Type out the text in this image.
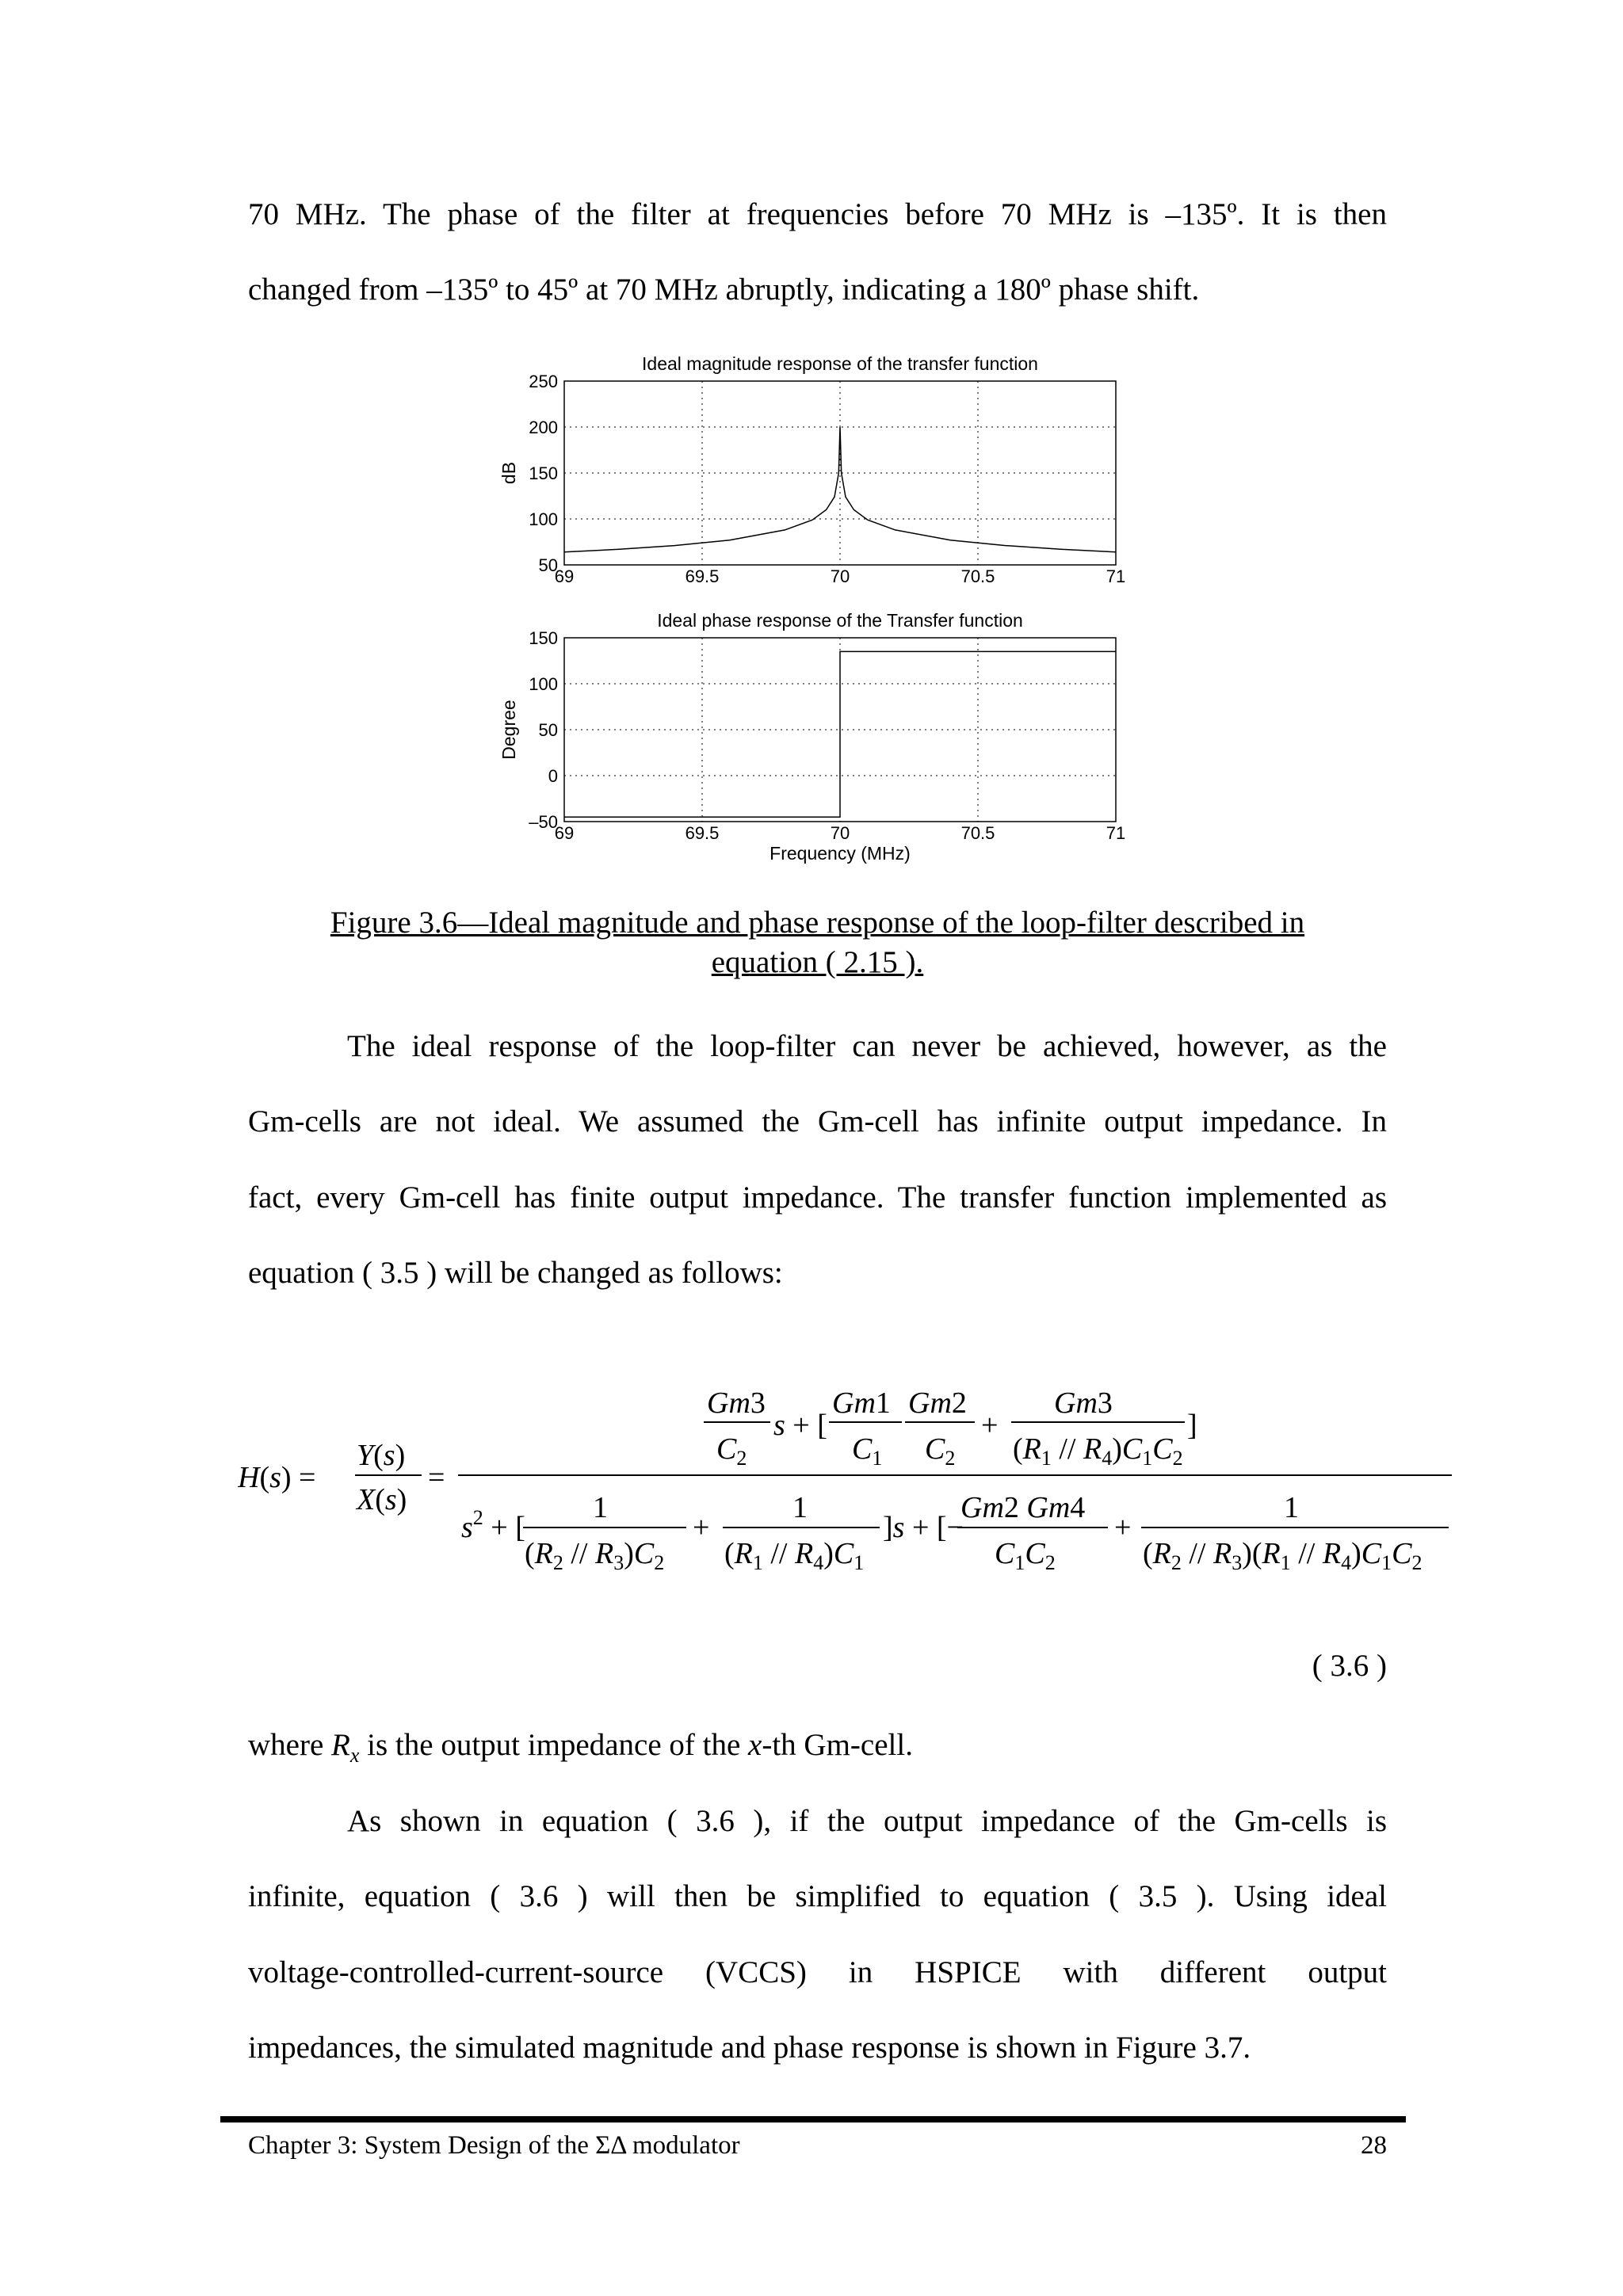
70 MHz. The phase of the filter at frequencies before 70 MHz is –135º. It is then

changed from –135º to 45º at 70 MHz abruptly, indicating a 180º phase shift.

Ideal magnitude response of the transfer function
69	69.5	70	70.5	71
50
100
150
200
250
dB
Ideal phase response of the Transfer function
69	69.5	70	70.5	71
–50
0
50
100
150
Degree
Frequency (MHz)
Figure 3.6—Ideal magnitude and phase response of the loop-filter described in
equation ( 2.15 ).

The ideal response of the loop-filter can never be achieved, however, as the

Gm-cells are not ideal. We assumed the Gm-cell has infinite output impedance. In

fact, every Gm-cell has finite output impedance. The transfer function implemented as

equation ( 3.5 ) will be changed as follows:

H(s) =
Y(s)
X(s)
=
Gm3
$C_2$
s + [
Gm1
$C_1$
Gm2
$C_2$
+
Gm3
$(R_1 // R_4)C_1C_2$
]
$s^2$ + [
1
$(R_2 // R_3)C_2$
+
1
$(R_1 // R_4)C_1$
]s + [−
Gm2 Gm4
$C_1C_2$
+
1
$(R_2 // R_3)(R_1 // R_4)C_1C_2$
( 3.6 )

where $R_x$ is the output impedance of the x-th Gm-cell.

As shown in equation ( 3.6 ), if the output impedance of the Gm-cells is

infinite, equation ( 3.6 ) will then be simplified to equation ( 3.5 ). Using ideal

voltage-controlled-current-source (VCCS) in HSPICE with different output

impedances, the simulated magnitude and phase response is shown in Figure 3.7.

Chapter 3: System Design of the ΣΔ modulator	28
